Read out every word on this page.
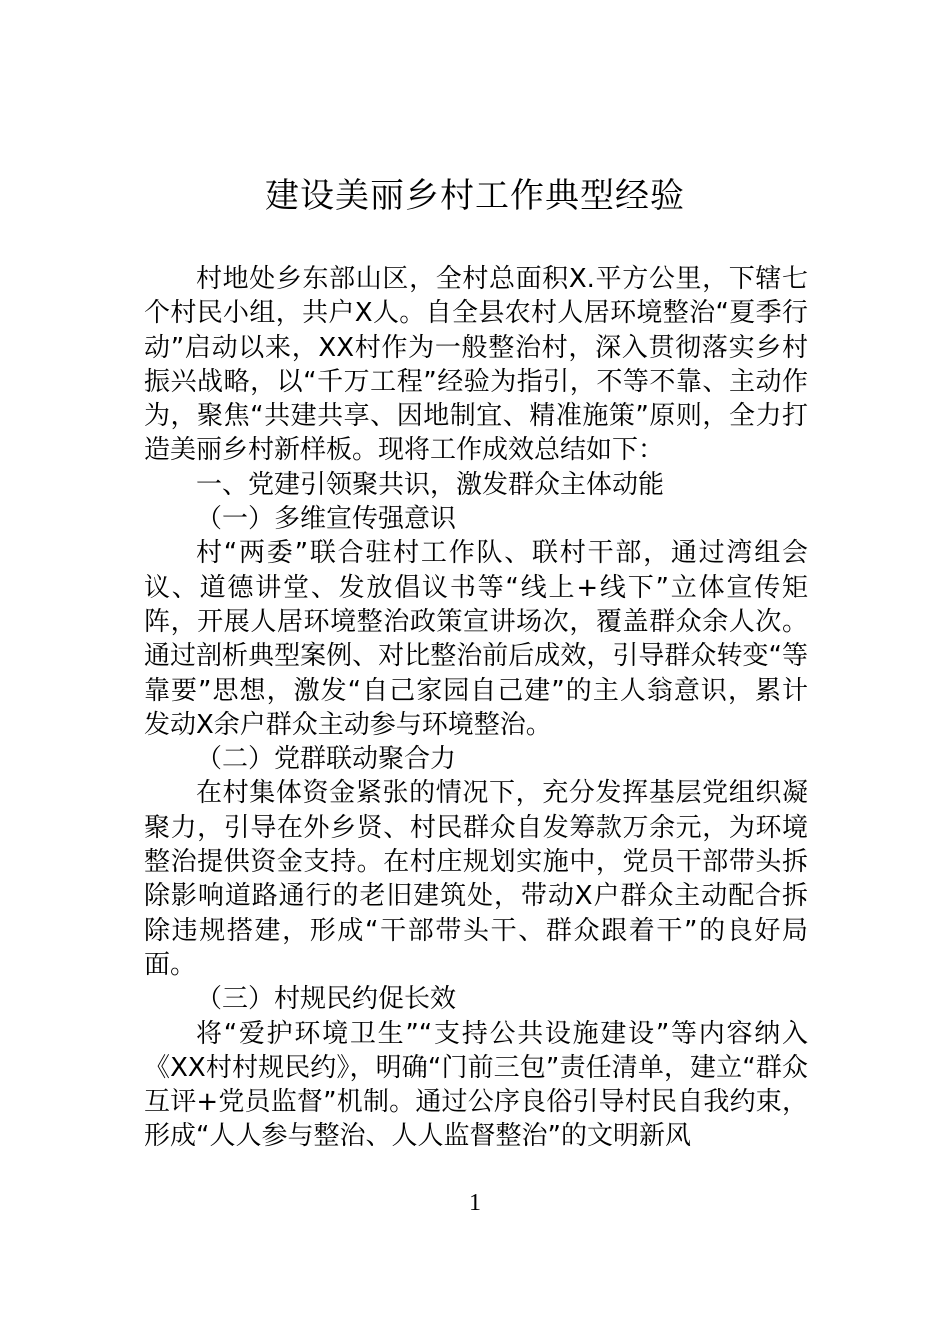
建设美丽乡村工作典型经验

村地处乡东部山区，全村总面积X.平方公里，下辖七个村民小组，共户X人。自全县农村人居环境整治“夏季行动”启动以来，XX村作为一般整治村，深入贯彻落实乡村振兴战略，以“千万工程”经验为指引，不等不靠、主动作为，聚焦“共建共享、因地制宜、精准施策”原则，全力打造美丽乡村新样板。现将工作成效总结如下：

一、党建引领聚共识，激发群众主体动能

（一）多维宣传强意识

村“两委”联合驻村工作队、联村干部，通过湾组会议、道德讲堂、发放倡议书等“线上+线下”立体宣传矩阵，开展人居环境整治政策宣讲场次，覆盖群众余人次。通过剖析典型案例、对比整治前后成效，引导群众转变“等靠要”思想，激发“自己家园自己建”的主人翁意识，累计发动X余户群众主动参与环境整治。

（二）党群联动聚合力

在村集体资金紧张的情况下，充分发挥基层党组织凝聚力，引导在外乡贤、村民群众自发筹款万余元，为环境整治提供资金支持。在村庄规划实施中，党员干部带头拆除影响道路通行的老旧建筑处，带动X户群众主动配合拆除违规搭建，形成“干部带头干、群众跟着干”的良好局面。

（三）村规民约促长效

将“爱护环境卫生”“支持公共设施建设”等内容纳入《XX村村规民约》，明确“门前三包”责任清单，建立“群众互评+党员监督”机制。通过公序良俗引导村民自我约束，形成“人人参与整治、人人监督整治”的文明新风

1
